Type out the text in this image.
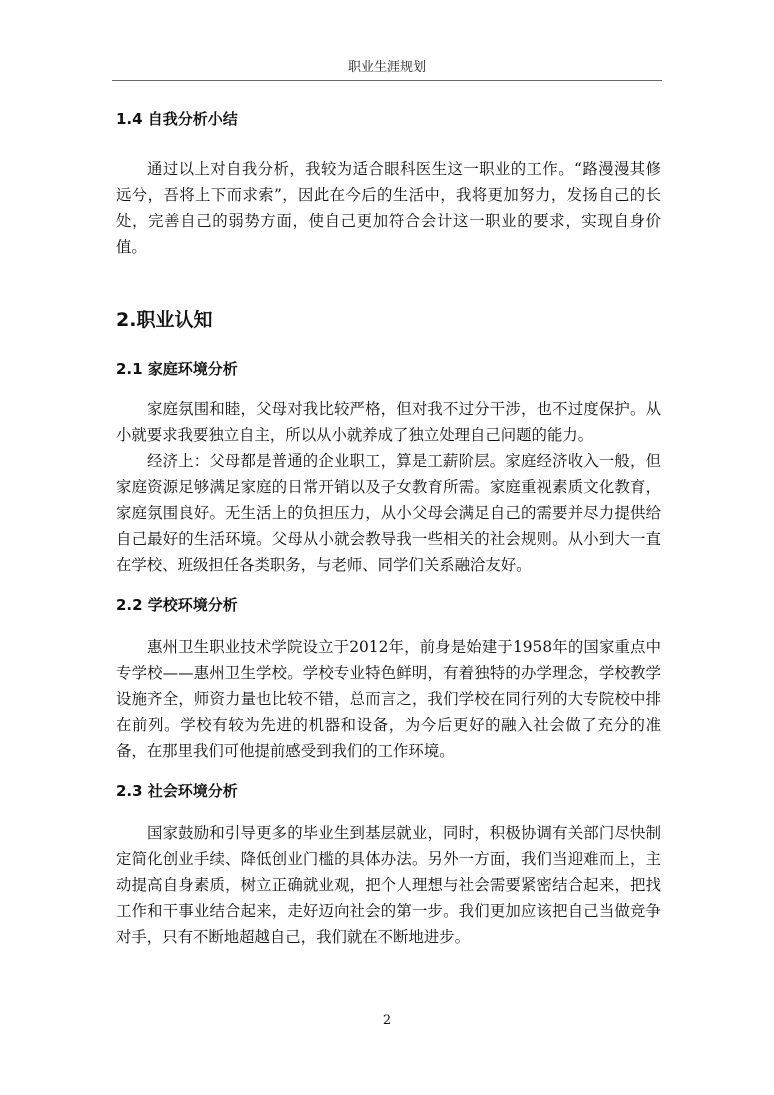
职业生涯规划
1.4 自我分析小结

通过以上对自我分析，我较为适合眼科医生这一职业的工作。“路漫漫其修远兮，吾将上下而求索”，因此在今后的生活中，我将更加努力，发扬自己的长处，完善自己的弱势方面，使自己更加符合会计这一职业的要求，实现自身价值。

2.职业认知
2.1 家庭环境分析

家庭氛围和睦，父母对我比较严格，但对我不过分干涉，也不过度保护。从小就要求我要独立自主，所以从小就养成了独立处理自己问题的能力。

经济上：父母都是普通的企业职工，算是工薪阶层。家庭经济收入一般，但家庭资源足够满足家庭的日常开销以及子女教育所需。家庭重视素质文化教育，家庭氛围良好。无生活上的负担压力，从小父母会满足自己的需要并尽力提供给自己最好的生活环境。父母从小就会教导我一些相关的社会规则。从小到大一直在学校、班级担任各类职务，与老师、同学们关系融洽友好。

2.2 学校环境分析

惠州卫生职业技术学院设立于2012年，前身是始建于1958年的国家重点中专学校——惠州卫生学校。学校专业特色鲜明，有着独特的办学理念，学校教学设施齐全，师资力量也比较不错，总而言之，我们学校在同行列的大专院校中排在前列。学校有较为先进的机器和设备，为今后更好的融入社会做了充分的准备，在那里我们可他提前感受到我们的工作环境。

2.3 社会环境分析

国家鼓励和引导更多的毕业生到基层就业，同时，积极协调有关部门尽快制定简化创业手续、降低创业门槛的具体办法。另外一方面，我们当迎难而上，主动提高自身素质，树立正确就业观，把个人理想与社会需要紧密结合起来，把找工作和干事业结合起来，走好迈向社会的第一步。我们更加应该把自己当做竞争对手，只有不断地超越自己，我们就在不断地进步。

2
